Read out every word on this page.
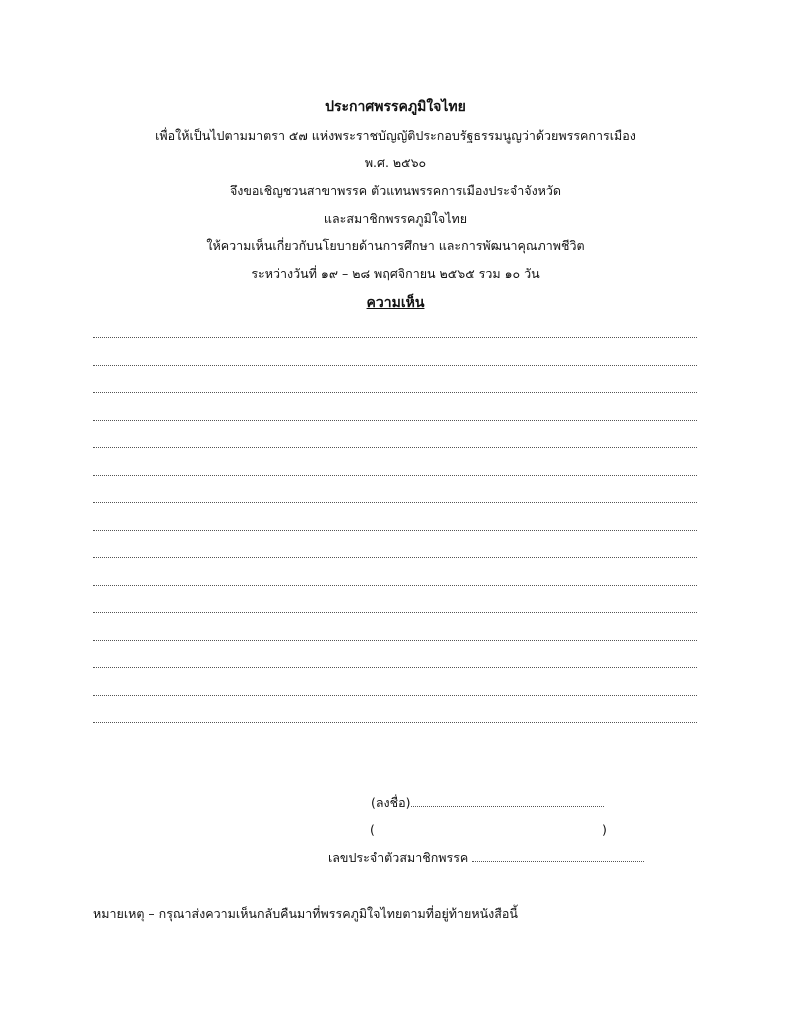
ประกาศพรรคภูมิใจไทย
เพื่อให้เป็นไปตามมาตรา ๕๗ แห่งพระราชบัญญัติประกอบรัฐธรรมนูญว่าด้วยพรรคการเมือง
พ.ศ. ๒๕๖๐
จึงขอเชิญชวนสาขาพรรค ตัวแทนพรรคการเมืองประจำจังหวัด
และสมาชิกพรรคภูมิใจไทย
ให้ความเห็นเกี่ยวกับนโยบายด้านการศึกษา และการพัฒนาคุณภาพชีวิต
ระหว่างวันที่ ๑๙ – ๒๘ พฤศจิกายน ๒๕๖๕ รวม ๑๐ วัน
ความเห็น
(ลงชื่อ)
(	)
เลขประจำตัวสมาชิกพรรค
หมายเหตุ – กรุณาส่งความเห็นกลับคืนมาที่พรรคภูมิใจไทยตามที่อยู่ท้ายหนังสือนี้
